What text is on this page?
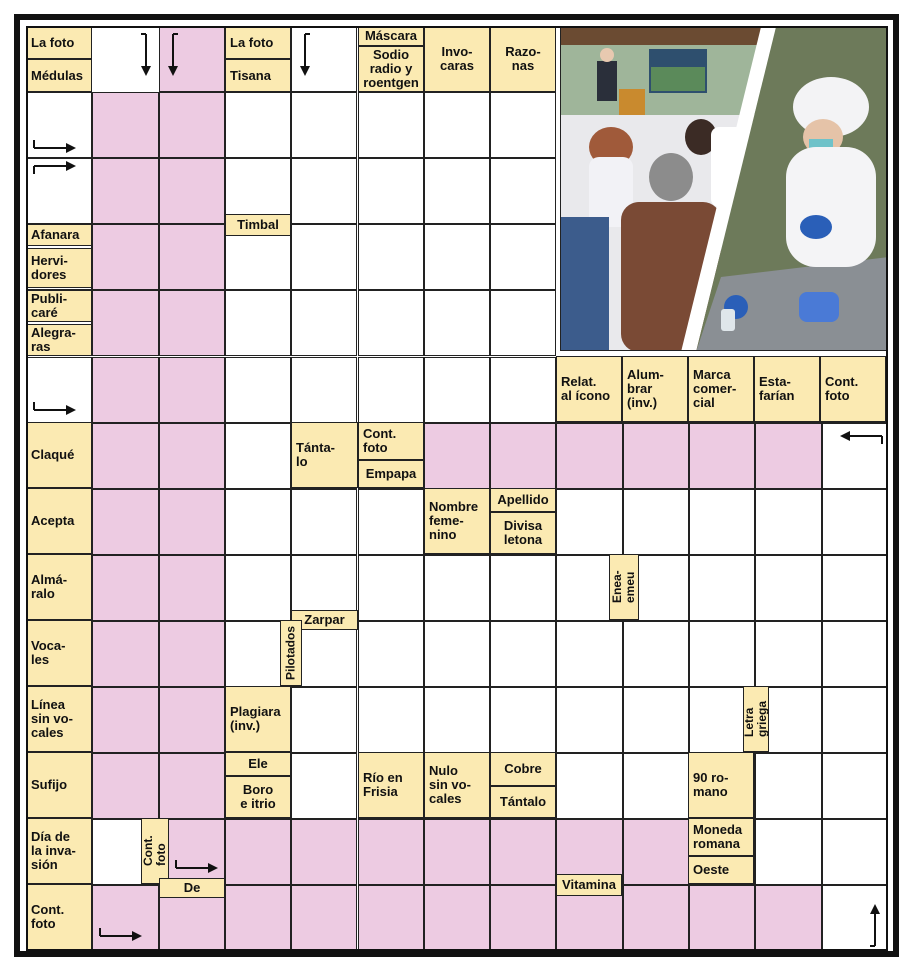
La foto
Médulas
La foto
Tisana
Máscara
Sodio
radio y
roentgen
Invo-
caras
Razo-
nas
Timbal
Afanara
Hervi-
dores
Publi-
caré
Alegra-
ras
Relat.
al ícono
Alum-
brar
(inv.)
Marca
comer-
cial
Esta-
farían
Cont.
foto
Claqué	Tánta-
lo
Cont.
foto
Empapa
Acepta
Nombre
feme-
nino
Apellido
Divisa
letona
Almá-
ralo	Enea-
emeu
Voca-
les
Zarpar
Pilotados
Línea
sin vo-
cales
Plagiara
(inv.)	Letra
griega
Sufijo
Ele
Boro
e itrio
Río en
Frisia
Nulo
sin vo-
cales
Cobre
Tántalo
90 ro-
mano
Día de
la inva-
sión	Cont.
foto
De
Moneda
romana
Oeste
Vitamina
Cont.
foto
